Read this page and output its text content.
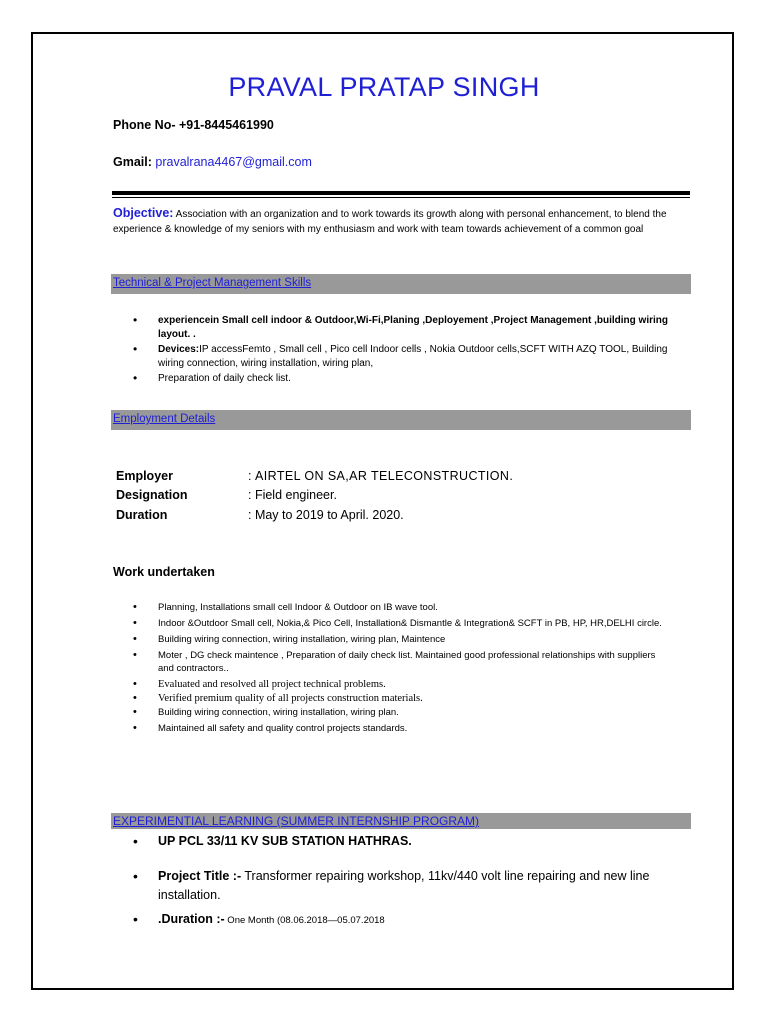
PRAVAL PRATAP SINGH
Phone No- +91-8445461990
Gmail: pravalrana4467@gmail.com
Objective: Association with an organization and to work towards its growth along with personal enhancement, to blend the experience & knowledge of my seniors with my enthusiasm and work with team towards achievement of a common goal
Technical & Project Management Skills
• experiencein Small cell indoor & Outdoor,Wi-Fi,Planing ,Deployement ,Project Management ,building wiring layout. .
• Devices:IP accessFemto , Small cell , Pico cell Indoor cells , Nokia Outdoor cells,SCFT WITH AZQ TOOL, Building wiring connection, wiring installation, wiring plan,
• Preparation of daily check list.
Employment Details
Employer	: AIRTEL ON SA,AR TELECONSTRUCTION.
Designation	: Field engineer.
Duration	: May to 2019 to April. 2020.
Work undertaken
• Planning, Installations small cell Indoor & Outdoor on IB wave tool.
• Indoor &Outdoor Small cell, Nokia,& Pico Cell, Installation& Dismantle & Integration& SCFT in PB, HP, HR,DELHI circle.
• Building wiring connection, wiring installation, wiring plan, Maintence
• Moter , DG check maintence , Preparation of daily check list. Maintained good professional relationships with suppliers and contractors..
• Evaluated and resolved all project technical problems.
• Verified premium quality of all projects construction materials.
• Building wiring connection, wiring installation, wiring plan.
• Maintained all safety and quality control projects standards.
EXPERIMENTIAL LEARNING (SUMMER INTERNSHIP PROGRAM)
• UP PCL 33/11 KV SUB STATION HATHRAS.
• Project Title :- Transformer repairing workshop, 11kv/440 volt line repairing and new line installation.
• .Duration :- One Month (08.06.2018—05.07.2018
